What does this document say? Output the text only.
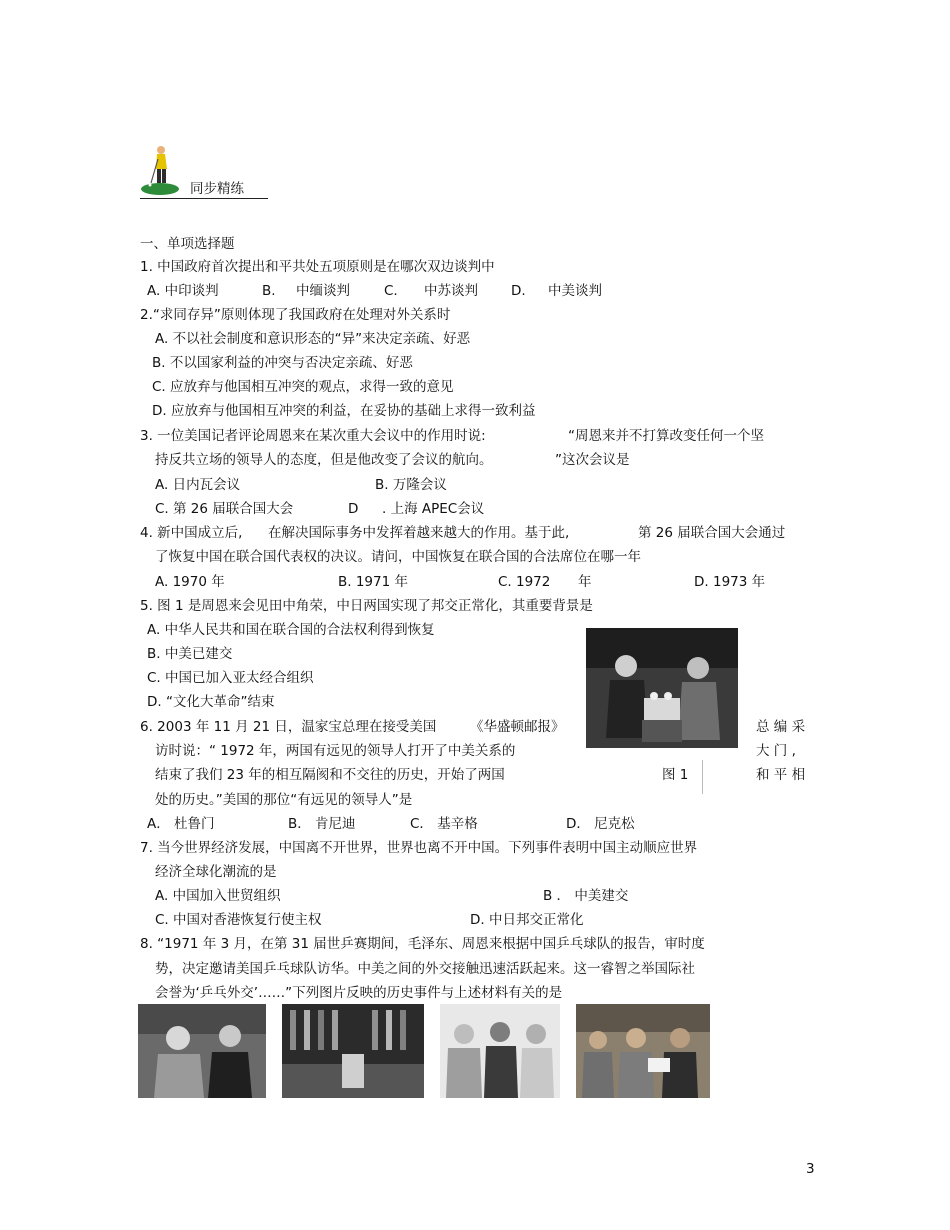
同步精练
一、单项选择题
1. 中国政府首次提出和平共处五项原则是在哪次双边谈判中
A. 中印谈判	B. 中缅谈判	C. 中苏谈判 D. 中美谈判
2.“求同存异”原则体现了我国政府在处理对外关系时
A. 不以社会制度和意识形态的“异”来决定亲疏、好恶
B. 不以国家利益的冲突与否决定亲疏、好恶
C. 应放弃与他国相互冲突的观点，求得一致的意见
D. 应放弃与他国相互冲突的利益，在妥协的基础上求得一致利益
3. 一位美国记者评论周恩来在某次重大会议中的作用时说:	“周恩来并不打算改变任何一个坚
持反共立场的领导人的态度，但是他改变了会议的航向。	”这次会议是
A. 日内瓦会议	B. 万隆会议
C. 第 26 届联合国大会	D . 上海 APEC会议
4. 新中国成立后, 在解决国际事务中发挥着越来越大的作用。基于此,	第 26 届联合国大会通过
了恢复中国在联合国代表权的决议。请问，中国恢复在联合国的合法席位在哪一年
A. 1970 年	B. 1971 年	C. 1972 年	D. 1973 年
5. 图 1 是周恩来会见田中角荣，中日两国实现了邦交正常化，其重要背景是
A. 中华人民共和国在联合国的合法权利得到恢复
B. 中美已建交
C. 中国已加入亚太经合组织
D. “文化大革命”结束
6. 2003 年 11 月 21 日，温家宝总理在接受美国 《华盛顿邮报》	总 编 采
访时说：“ 1972 年，两国有远见的领导人打开了中美关系的	大 门 ,
结束了我们 23 年的相互隔阂和不交往的历史，开始了两国	图 1	和 平 相
处的历史。”美国的那位“有远见的领导人”是
A． 杜鲁门	B． 肯尼迪	C． 基辛格	D． 尼克松
7. 当今世界经济发展，中国离不开世界，世界也离不开中国。下列事件表明中国主动顺应世界
经济全球化潮流的是
A. 中国加入世贸组织	B ． 中美建交
C. 中国对香港恢复行使主权	D. 中日邦交正常化
8. “1971 年 3 月，在第 31 届世乒赛期间，毛泽东、周恩来根据中国乒乓球队的报告，审时度
势，决定邀请美国乒乓球队访华。中美之间的外交接触迅速活跃起来。这一睿智之举国际社
会誉为‘乒乓外交’……”下列图片反映的历史事件与上述材料有关的是
3
